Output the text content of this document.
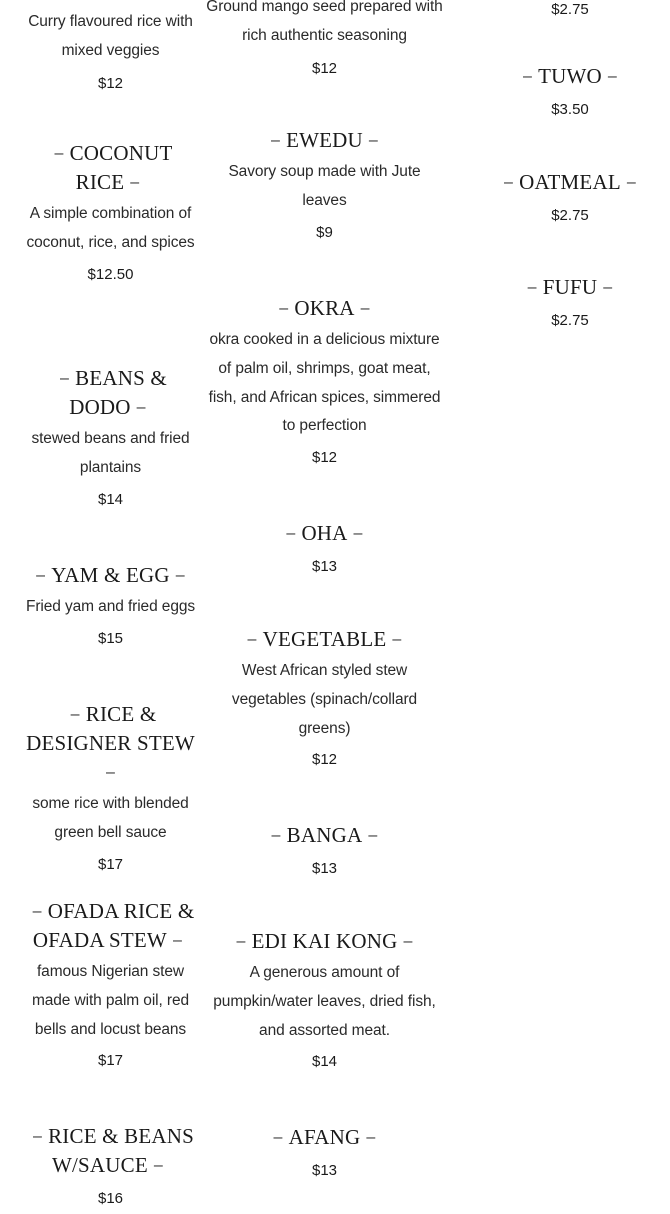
Curry flavoured rice with mixed veggies

$12

– COCONUT RICE –

A simple combination of coconut, rice, and spices

$12.50

– BEANS & DODO –

stewed beans and fried plantains

$14

– YAM & EGG –

Fried yam and fried eggs

$15

– RICE & DESIGNER STEW–

some rice with blended green bell sauce

$17

– OFADA RICE & OFADA STEW –

famous Nigerian stew made with palm oil, red bells and locust beans

$17

– RICE & BEANS W/SAUCE –

$16

Ground mango seed prepared with rich authentic seasoning

$12

– EWEDU –

Savory soup made with Jute leaves

$9

– OKRA –

okra cooked in a delicious mixture of palm oil, shrimps, goat meat, fish, and African spices, simmered to perfection

$12

– OHA –

$13

– VEGETABLE –

West African styled stew vegetables (spinach/collard greens)

$12

– BANGA –

$13

– EDI KAI KONG –

A generous amount of pumpkin/water leaves, dried fish, and assorted meat.

$14

– AFANG –

$13

$2.75

– TUWO –

$3.50

– OATMEAL –

$2.75

– FUFU –

$2.75
